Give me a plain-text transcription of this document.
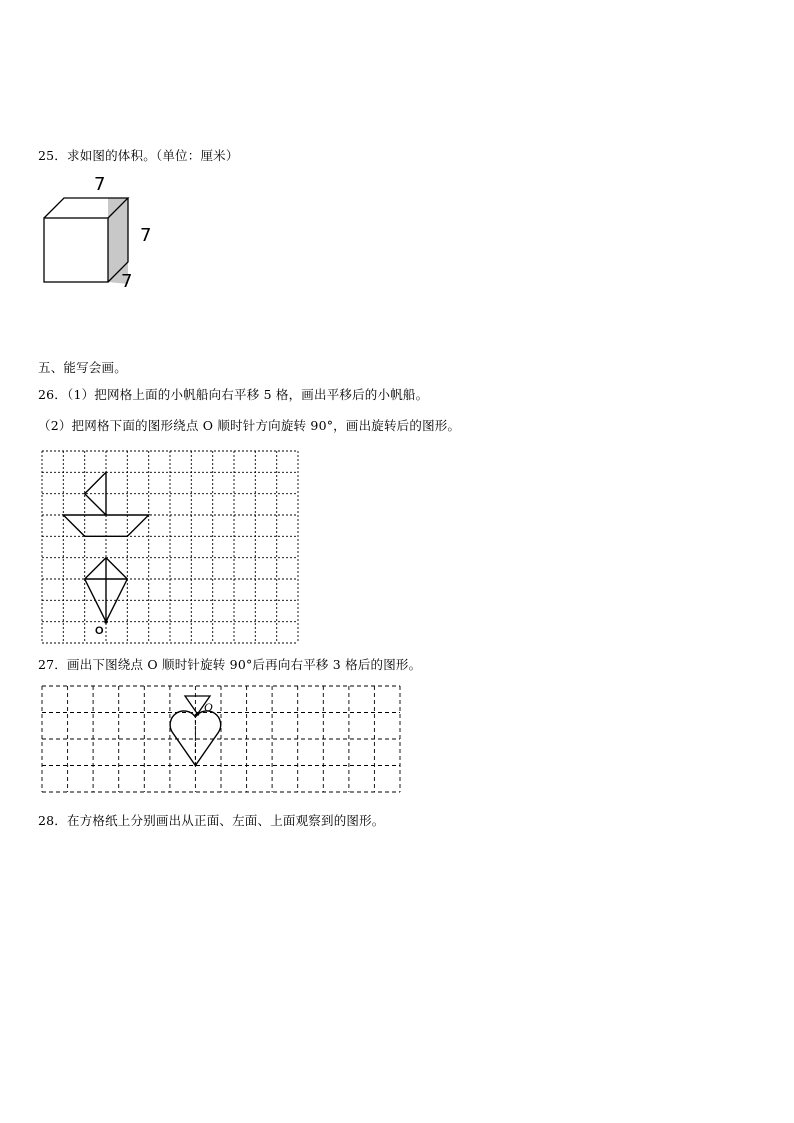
25．求如图的体积。（单位：厘米）
7
7
7
五、能写会画。
26．（1）把网格上面的小帆船向右平移 5 格，画出平移后的小帆船。
（2）把网格下面的图形绕点 O 顺时针方向旋转 90°，画出旋转后的图形。
O
27．画出下图绕点 O 顺时针旋转 90°后再向右平移 3 格后的图形。
O
28．在方格纸上分别画出从正面、左面、上面观察到的图形。
